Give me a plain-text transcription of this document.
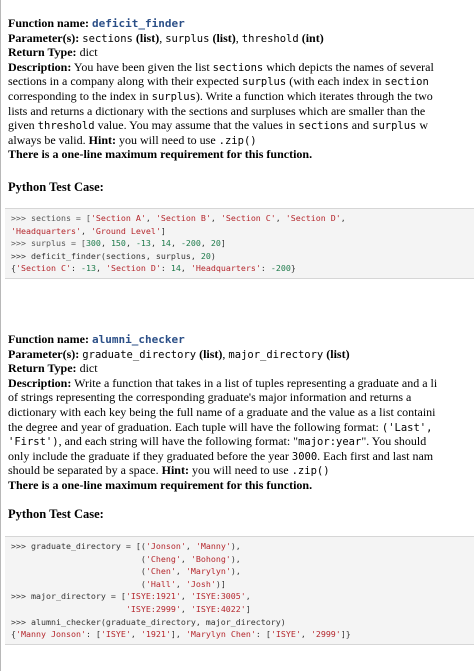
Function name: deficit_finder
Parameter(s): sections (list), surplus (list), threshold (int)
Return Type: dict
Description: You have been given the list sections which depicts the names of several
sections in a company along with their expected surplus (with each index in section
corresponding to the index in surplus). Write a function which iterates through the two
lists and returns a dictionary with the sections and surpluses which are smaller than the
given threshold value. You may assume that the values in sections and surplus w
always be valid. Hint: you will need to use .zip()
There is a one-line maximum requirement for this function.
Python Test Case:
>>> sections = ['Section A', 'Section B', 'Section C', 'Section D',
'Headquarters', 'Ground Level']
>>> surplus = [300, 150, -13, 14, -200, 20]
>>> deficit_finder(sections, surplus, 20)
{'Section C': -13, 'Section D': 14, 'Headquarters': -200}
Function name: alumni_checker
Parameter(s): graduate_directory (list), major_directory (list)
Return Type: dict
Description: Write a function that takes in a list of tuples representing a graduate and a li
of strings representing the corresponding graduate's major information and returns a
dictionary with each key being the full name of a graduate and the value as a list containi
the degree and year of graduation. Each tuple will have the following format: ('Last',
'First'), and each string will have the following format: "major:year". You should
only include the graduate if they graduated before the year 3000. Each first and last nam
should be separated by a space. Hint: you will need to use .zip()
There is a one-line maximum requirement for this function.
Python Test Case:
>>> graduate_directory = [('Jonson', 'Manny'),
('Cheng', 'Bohong'),
('Chen', 'Marylyn'),
('Hall', 'Josh')]
>>> major_directory = ['ISYE:1921', 'ISYE:3005',
'ISYE:2999', 'ISYE:4022']
>>> alumni_checker(graduate_directory, major_directory)
{'Manny Jonson': ['ISYE', '1921'], 'Marylyn Chen': ['ISYE', '2999']}
